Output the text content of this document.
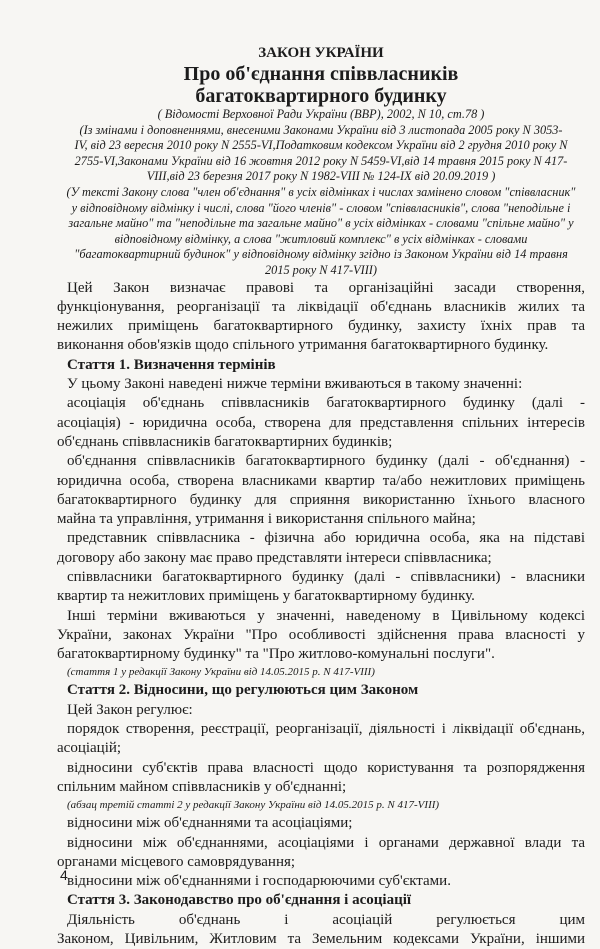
ЗАКОН УКРАЇНИ
Про об'єднання співвласників
багатоквартирного будинку
( Відомості Верховної Ради України (ВВР), 2002, N 10, ст.78 )
(Із змінами і доповненнями, внесеними Законами України від 3 листопада 2005 року N 3053-
IV, від 23 вересня 2010 року N 2555-VI,Податковим кодексом України від 2 грудня 2010 року N
2755-VI,Законами України від 16 жовтня 2012 року N 5459-VI,від 14 травня 2015 року N 417-
VIII,від 23 березня 2017 року N 1982-VIII № 124-IX від 20.09.2019 )
(У тексті Закону слова "член об'єднання" в усіх відмінках і числах замінено словом "співвласник"
у відповідному відмінку і числі, слова "його членів" - словом "співвласників", слова "неподільне і
загальне майно" та "неподільне та загальне майно" в усіх відмінках - словами "спільне майно" у
відповідному відмінку, а слова "житловий комплекс" в усіх відмінках - словами
"багатоквартирний будинок" у відповідному відмінку згідно із Законом України від 14 травня
2015 року N 417-VIII)
Цей Закон визначає правові та організаційні засади створення,
функціонування, реорганізації та ліквідації об'єднань власників жилих та
нежилих приміщень багатоквартирного будинку, захисту їхніх прав та
виконання обов'язків щодо спільного утримання багатоквартирного будинку.
Стаття 1. Визначення термінів
У цьому Законі наведені нижче терміни вживаються в такому значенні:
асоціація об'єднань співвласників багатоквартирного будинку (далі -
асоціація) - юридична особа, створена для представлення спільних інтересів
об'єднань співвласників багатоквартирних будинків;
об'єднання співвласників багатоквартирного будинку (далі - об'єднання) -
юридична особа, створена власниками квартир та/або нежитлових приміщень
багатоквартирного будинку для сприяння використанню їхнього власного
майна та управління, утримання і використання спільного майна;
представник співвласника - фізична або юридична особа, яка на підставі
договору або закону має право представляти інтереси співвласника;
співвласники багатоквартирного будинку (далі - співвласники) - власники
квартир та нежитлових приміщень у багатоквартирному будинку.
Інші терміни вживаються у значенні, наведеному в Цивільному кодексі
України, законах України "Про особливості здійснення права власності у
багатоквартирному будинку" та "Про житлово-комунальні послуги".
(стаття 1 у редакції Закону України від 14.05.2015 р. N 417-VIII)
Стаття 2. Відносини, що регулюються цим Законом
Цей Закон регулює:
порядок створення, реєстрації, реорганізації, діяльності і ліквідації об'єднань,
асоціацій;
відносини суб'єктів права власності щодо користування та розпорядження
спільним майном співвласників у об'єднанні;
(абзац третій статті 2 у редакції Закону України від 14.05.2015 р. N 417-VIII)
відносини між об'єднаннями та асоціаціями;
відносини між об'єднаннями, асоціаціями і органами державної влади та
органами місцевого самоврядування;
відносини між об'єднаннями і господарюючими суб'єктами.
Стаття 3. Законодавство про об'єднання і асоціації
Діяльність об'єднань і асоціацій регулюється цим
Законом, Цивільним, Житловим та Земельним кодексами України, іншими
4
